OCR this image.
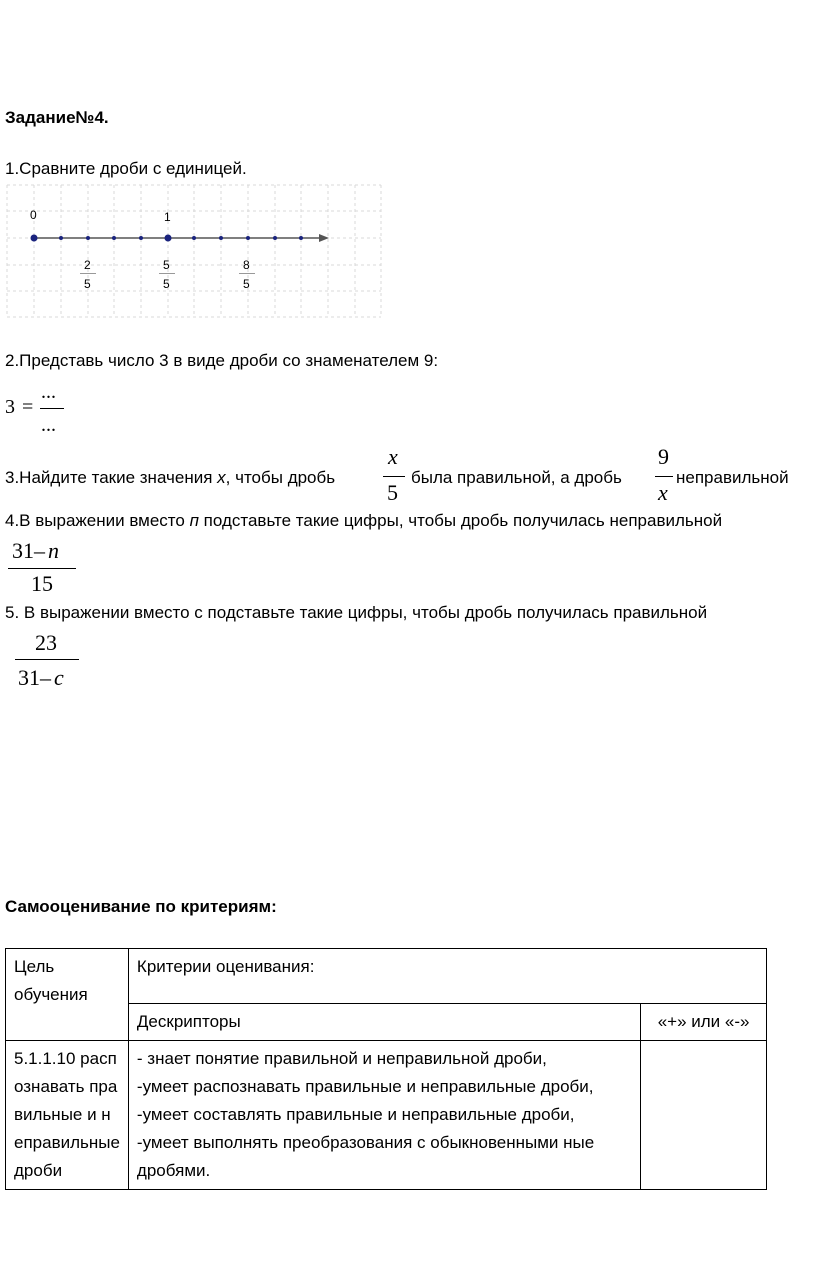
Задание№4.
1.Сравните дроби с единицей.
0	1
2
5
5
5
8
5
2.Представь число 3 в виде дроби со знаменателем 9:
3 =
...
...
3.Найдите такие значения х, чтобы дробь
x
5
была правильной, а дробь
9
x
неправильной
4.В выражении вместо п подставьте такие цифры, чтобы дробь получилась неправильной
31– n
15
5. В выражении вместо с подставьте такие цифры, чтобы дробь получилась правильной
23
31– c
Самооценивание по критериям:
Цель обучения	Критерии оценивания:	
	Дескрипторы	«+» или «-»
5.1.1.10 распознавать правильные и неправильные дроби	- знает понятие правильной и неправильной дроби,
-умеет распознавать правильные и неправильные дроби,
-умеет составлять правильные и неправильные дроби,
-умеет выполнять преобразования с обыкновенными ные дробями.	
